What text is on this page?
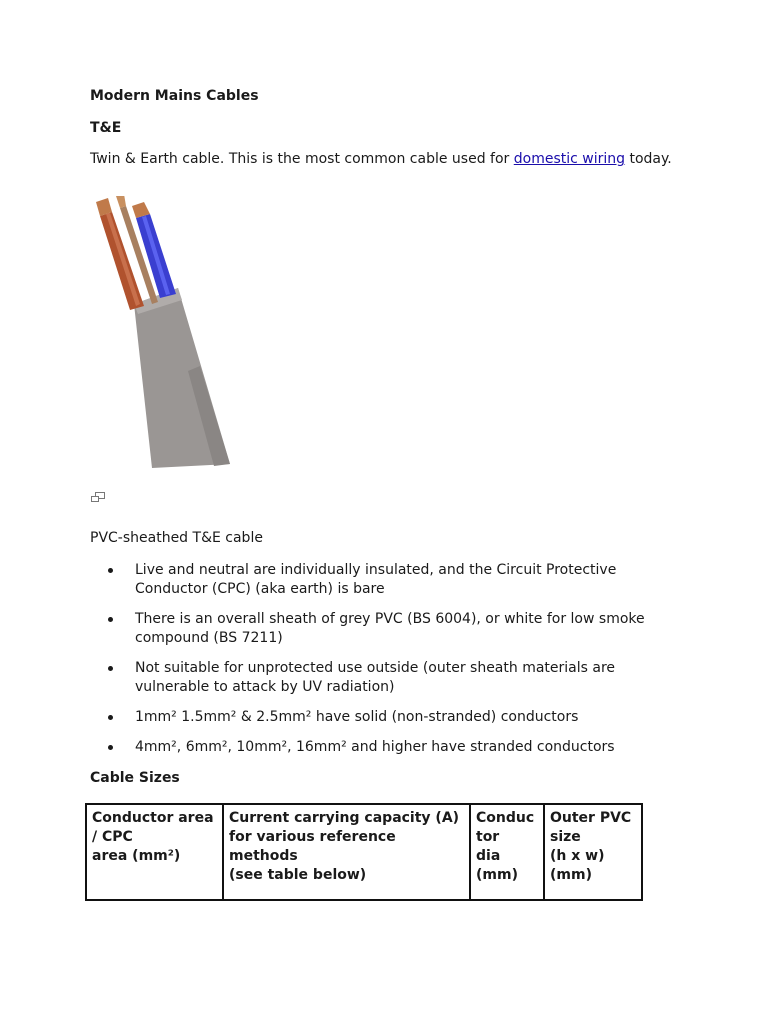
Modern Mains Cables
T&E
Twin & Earth cable. This is the most common cable used for domestic wiring today.
PVC-sheathed T&E cable
Live and neutral are individually insulated, and the Circuit Protective Conductor (CPC) (aka earth) is bare
There is an overall sheath of grey PVC (BS 6004), or white for low smoke compound (BS 7211)
Not suitable for unprotected use outside (outer sheath materials are vulnerable to attack by UV radiation)
1mm² 1.5mm² & 2.5mm² have solid (non-stranded) conductors
4mm², 6mm², 10mm², 16mm² and higher have stranded conductors
Cable Sizes
Conductor area
/ CPC
area (mm²)	Current carrying capacity (A)
for various reference
methods
(see table below)	Conduc
tor
dia
(mm)	Outer PVC
size
(h x w)
(mm)
